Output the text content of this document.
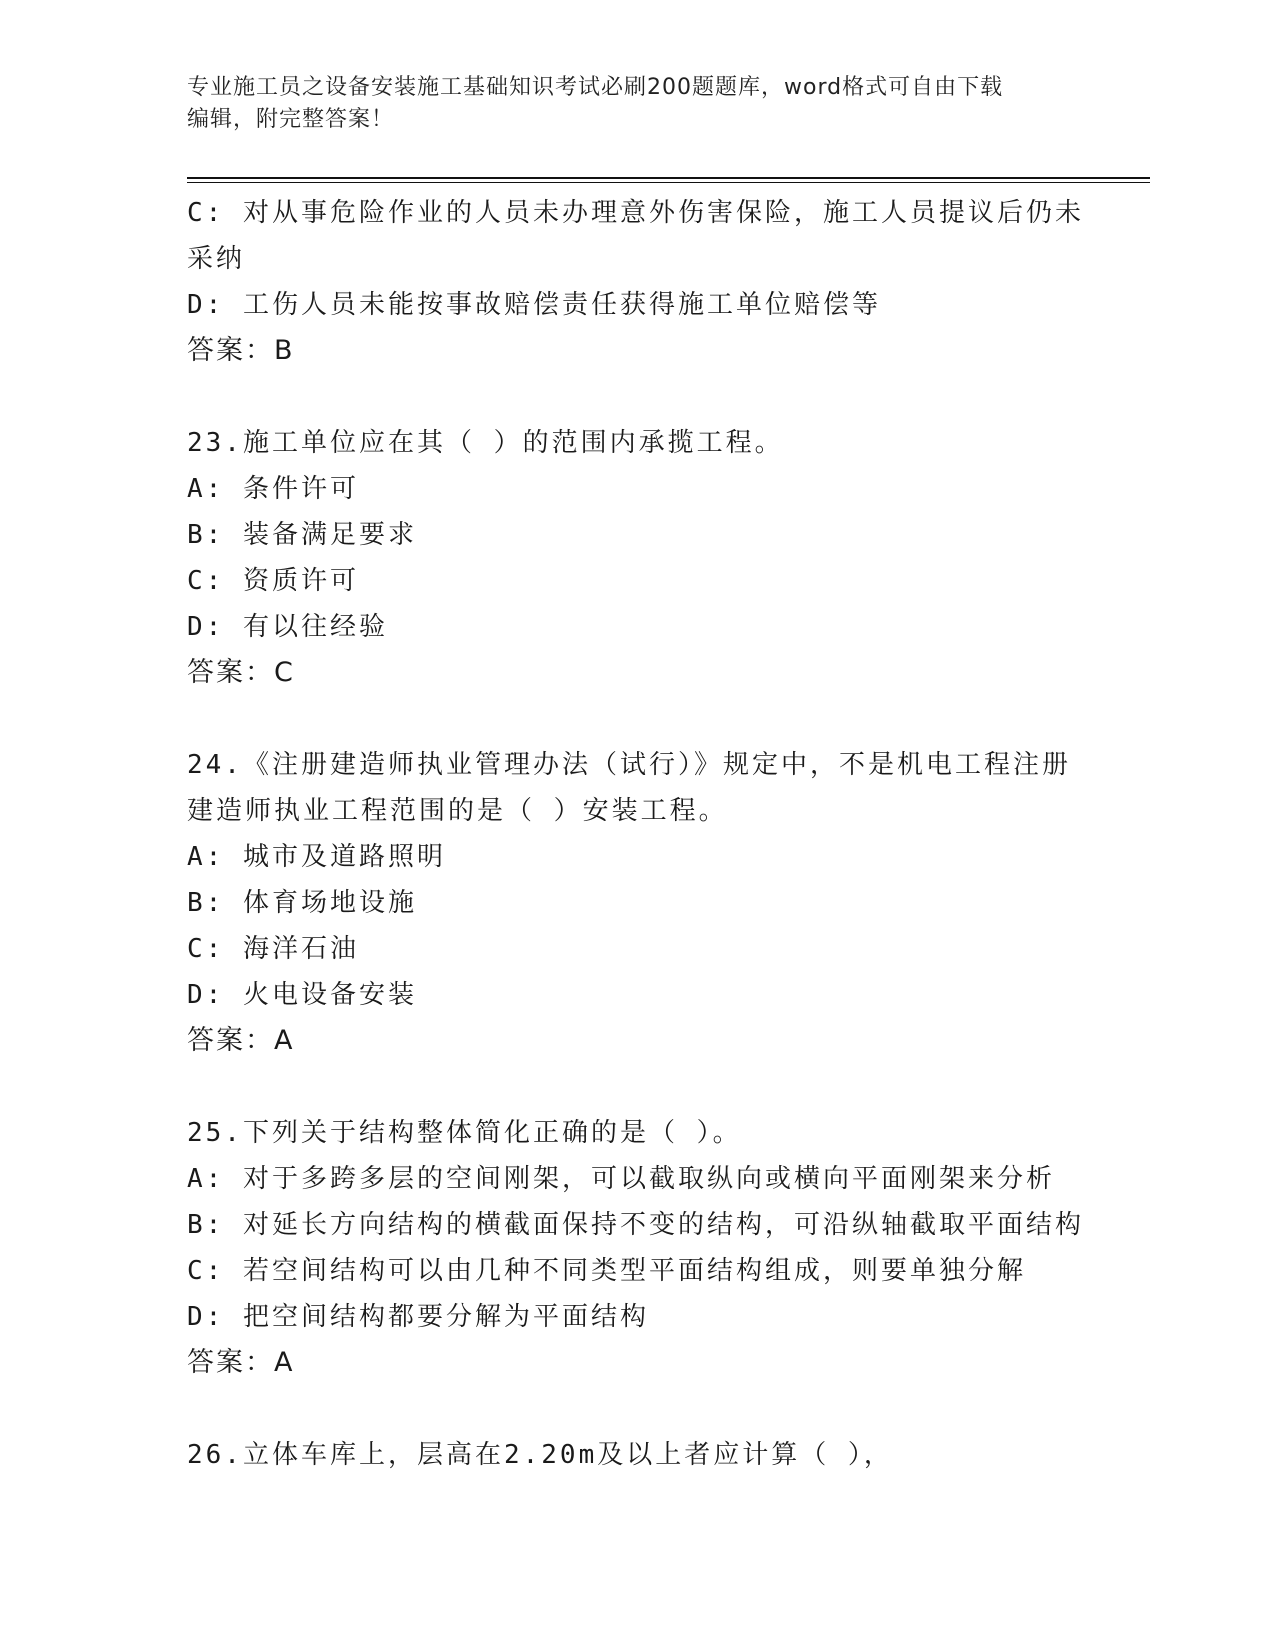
专业施工员之设备安装施工基础知识考试必刷200题题库，word格式可自由下载
编辑，附完整答案！
C: 对从事危险作业的人员未办理意外伤害保险，施工人员提议后仍未
采纳
D: 工伤人员未能按事故赔偿责任获得施工单位赔偿等
答案：B
23.施工单位应在其（ ）的范围内承揽工程。
A: 条件许可
B: 装备满足要求
C: 资质许可
D: 有以往经验
答案：C
24.《注册建造师执业管理办法（试行）》规定中，不是机电工程注册
建造师执业工程范围的是（ ）安装工程。
A: 城市及道路照明
B: 体育场地设施
C: 海洋石油
D: 火电设备安装
答案：A
25.下列关于结构整体简化正确的是（ ）。
A: 对于多跨多层的空间刚架，可以截取纵向或横向平面刚架来分析
B: 对延长方向结构的横截面保持不变的结构，可沿纵轴截取平面结构
C: 若空间结构可以由几种不同类型平面结构组成，则要单独分解
D: 把空间结构都要分解为平面结构
答案：A
26.立体车库上，层高在2.20m及以上者应计算（ ），
